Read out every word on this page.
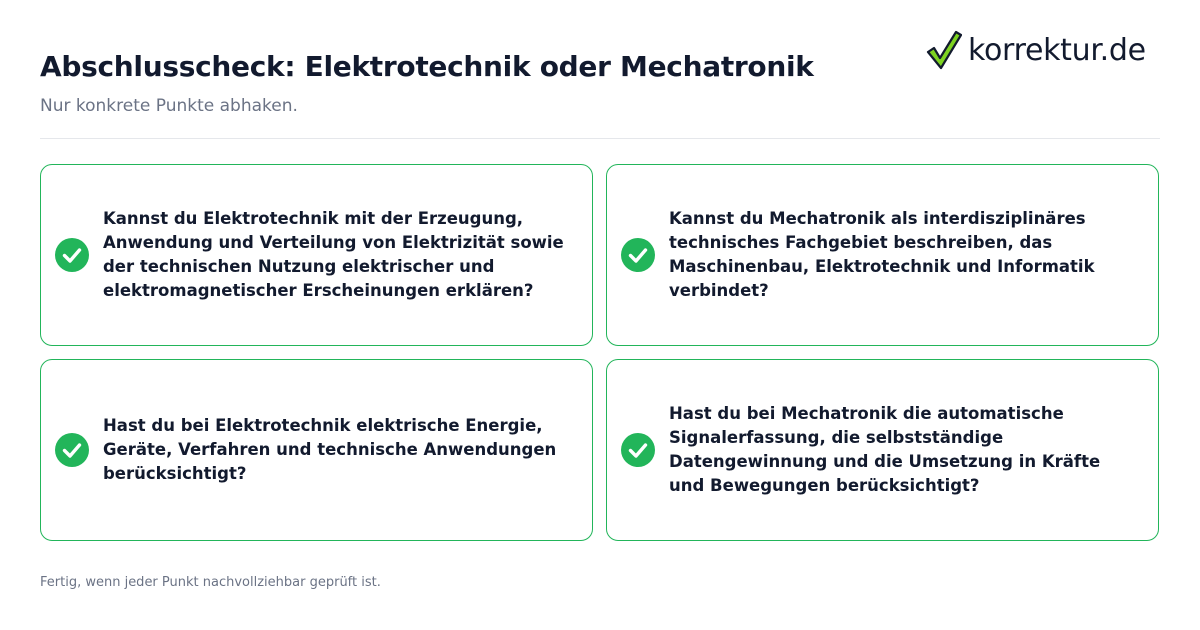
Abschlusscheck: Elektrotechnik oder Mechatronik
Nur konkrete Punkte abhaken.
korrektur.de
Kannst du Elektrotechnik mit der Erzeugung, Anwendung und Verteilung von Elektrizität sowie der technischen Nutzung elektrischer und elektromagnetischer Erscheinungen erklären?
Kannst du Mechatronik als interdisziplinäres technisches Fachgebiet beschreiben, das Maschinenbau, Elektrotechnik und Informatik verbindet?
Hast du bei Elektrotechnik elektrische Energie, Geräte, Verfahren und technische Anwendungen berücksichtigt?
Hast du bei Mechatronik die automatische Signalerfassung, die selbstständige Datengewinnung und die Umsetzung in Kräfte und Bewegungen berücksichtigt?
Fertig, wenn jeder Punkt nachvollziehbar geprüft ist.
